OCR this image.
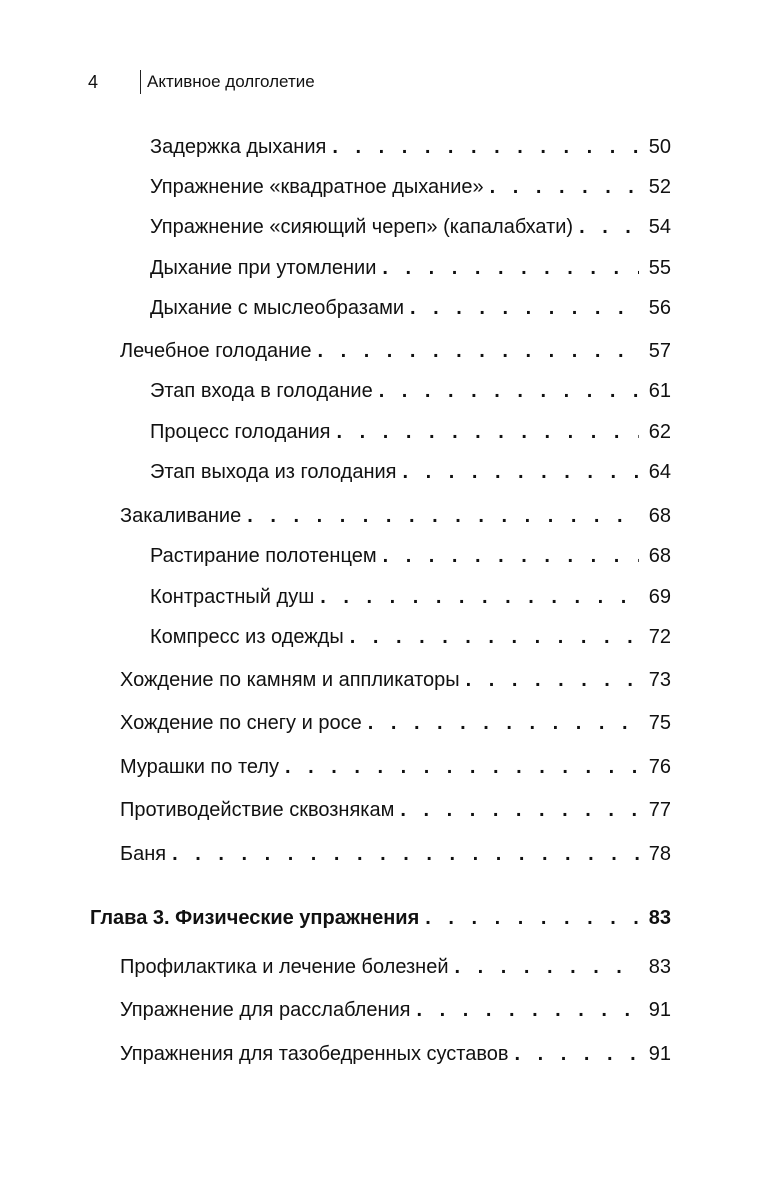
4	Активное долголетие
Задержка дыхания . . .	50
Упражнение «квадратное дыхание» . . .	52
Упражнение «сияющий череп» (капалабхати) . . .	54
Дыхание при утомлении . . .	55
Дыхание с мыслеобразами . . .	56
Лечебное голодание . . .	57
Этап входа в голодание . . .	61
Процесс голодания . . .	62
Этап выхода из голодания . . .	64
Закаливание . . .	68
Растирание полотенцем . . .	68
Контрастный душ . . .	69
Компресс из одежды . . .	72
Хождение по камням и аппликаторы . . .	73
Хождение по снегу и росе . . .	75
Мурашки по телу . . .	76
Противодействие сквознякам . . .	77
Баня . . .	78
Глава 3. Физические упражнения . . .	83
Профилактика и лечение болезней . . .	83
Упражнение для расслабления . . .	91
Упражнения для тазобедренных суставов . . .	91
